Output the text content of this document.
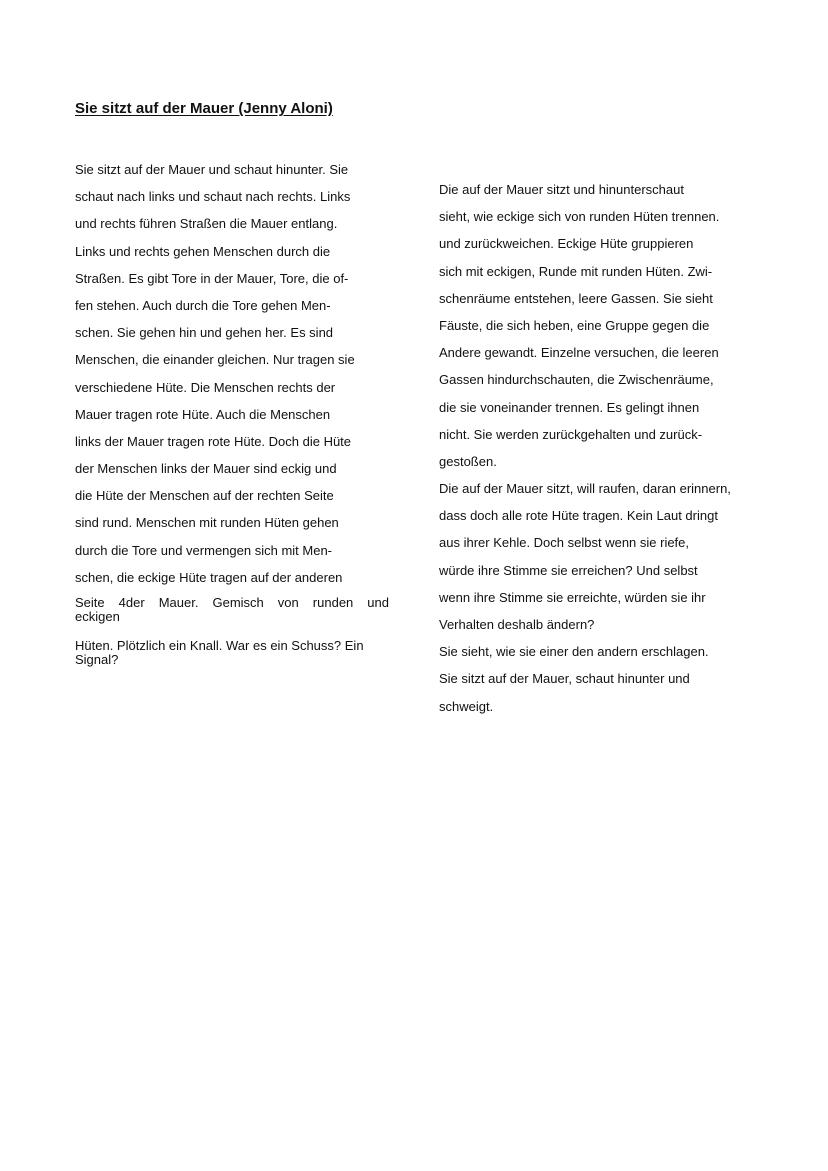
Sie sitzt auf der Mauer (Jenny Aloni)
Sie sitzt auf der Mauer und schaut hinunter. Sie
schaut nach links und schaut nach rechts. Links
und rechts führen Straßen die Mauer entlang.
Links und rechts gehen Menschen durch die
Straßen. Es gibt Tore in der Mauer, Tore, die of-
fen stehen. Auch durch die Tore gehen Men-
schen. Sie gehen hin und gehen her. Es sind
Menschen, die einander gleichen. Nur tragen sie
verschiedene Hüte. Die Menschen rechts der
Mauer tragen rote Hüte. Auch die Menschen
links der Mauer tragen rote Hüte. Doch die Hüte
der Menschen links der Mauer sind eckig und
die Hüte der Menschen auf der rechten Seite
sind rund. Menschen mit runden Hüten gehen
durch die Tore und vermengen sich mit Men-
schen, die eckige Hüte tragen auf der anderen
Seite 4der Mauer. Gemisch von runden und
eckigen
Hüten. Plötzlich ein Knall. War es ein Schuss? Ein Signal?
Die auf der Mauer sitzt und hinunterschaut
sieht, wie eckige sich von runden Hüten trennen.
und zurückweichen. Eckige Hüte gruppieren
sich mit eckigen, Runde mit runden Hüten. Zwi-
schenräume entstehen, leere Gassen. Sie sieht
Fäuste, die sich heben, eine Gruppe gegen die
Andere gewandt. Einzelne versuchen, die leeren
Gassen hindurchschauten, die Zwischenräume,
die sie voneinander trennen. Es gelingt ihnen
nicht. Sie werden zurückgehalten und zurück-
gestoßen.
Die auf der Mauer sitzt, will raufen, daran erinnern,
dass doch alle rote Hüte tragen. Kein Laut dringt
aus ihrer Kehle. Doch selbst wenn sie riefe,
würde ihre Stimme sie erreichen? Und selbst
wenn ihre Stimme sie erreichte, würden sie ihr
Verhalten deshalb ändern?
Sie sieht, wie sie einer den andern erschlagen.
Sie sitzt auf der Mauer, schaut hinunter und
schweigt.
